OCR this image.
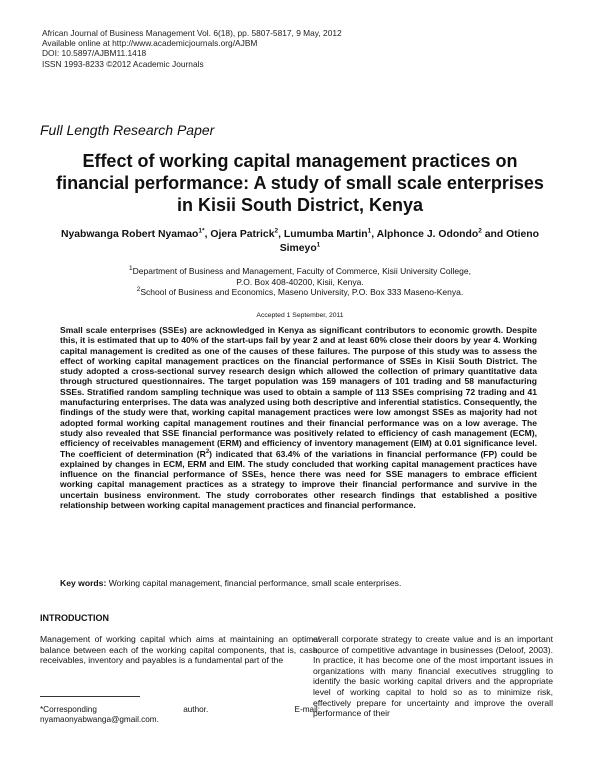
African Journal of Business Management Vol. 6(18), pp. 5807-5817, 9 May, 2012
Available online at http://www.academicjournals.org/AJBM
DOI: 10.5897/AJBM11.1418
ISSN 1993-8233 ©2012 Academic Journals
Full Length Research Paper
Effect of working capital management practices on financial performance: A study of small scale enterprises in Kisii South District, Kenya
Nyabwanga Robert Nyamao$^{1*}$, Ojera Patrick$^2$, Lumumba Martin$^1$, Alphonce J. Odondo$^2$ and Otieno Simeyo$^1$
$^1$Department of Business and Management, Faculty of Commerce, Kisii University College,
P.O. Box 408-40200, Kisii, Kenya.
$^2$School of Business and Economics, Maseno University, P.O. Box 333 Maseno-Kenya.
Accepted 1 September, 2011
Small scale enterprises (SSEs) are acknowledged in Kenya as significant contributors to economic growth. Despite this, it is estimated that up to 40% of the start-ups fail by year 2 and at least 60% close their doors by year 4. Working capital management is credited as one of the causes of these failures. The purpose of this study was to assess the effect of working capital management practices on the financial performance of SSEs in Kisii South District. The study adopted a cross-sectional survey research design which allowed the collection of primary quantitative data through structured questionnaires. The target population was 159 managers of 101 trading and 58 manufacturing SSEs. Stratified random sampling technique was used to obtain a sample of 113 SSEs comprising 72 trading and 41 manufacturing enterprises. The data was analyzed using both descriptive and inferential statistics. Consequently, the findings of the study were that, working capital management practices were low amongst SSEs as majority had not adopted formal working capital management routines and their financial performance was on a low average. The study also revealed that SSE financial performance was positively related to efficiency of cash management (ECM), efficiency of receivables management (ERM) and efficiency of inventory management (EIM) at 0.01 significance level. The coefficient of determination $(R^2)$ indicated that 63.4% of the variations in financial performance (FP) could be explained by changes in ECM, ERM and EIM. The study concluded that working capital management practices have influence on the financial performance of SSEs, hence there was need for SSE managers to embrace efficient working capital management practices as a strategy to improve their financial performance and survive in the uncertain business environment. The study corroborates other research findings that established a positive relationship between working capital management practices and financial performance.
Key words: Working capital management, financial performance, small scale enterprises.
INTRODUCTION
Management of working capital which aims at maintaining an optimal balance between each of the working capital components, that is, cash, receivables, inventory and payables is a fundamental part of the
overall corporate strategy to create value and is an important source of competitive advantage in businesses (Deloof, 2003). In practice, it has become one of the most important issues in organizations with many financial executives struggling to identify the basic working capital drivers and the appropriate level of working capital to hold so as to minimize risk, effectively prepare for uncertainty and improve the overall performance of their
*Corresponding	author.	E-mail:
nyamaonyabwanga@gmail.com.
